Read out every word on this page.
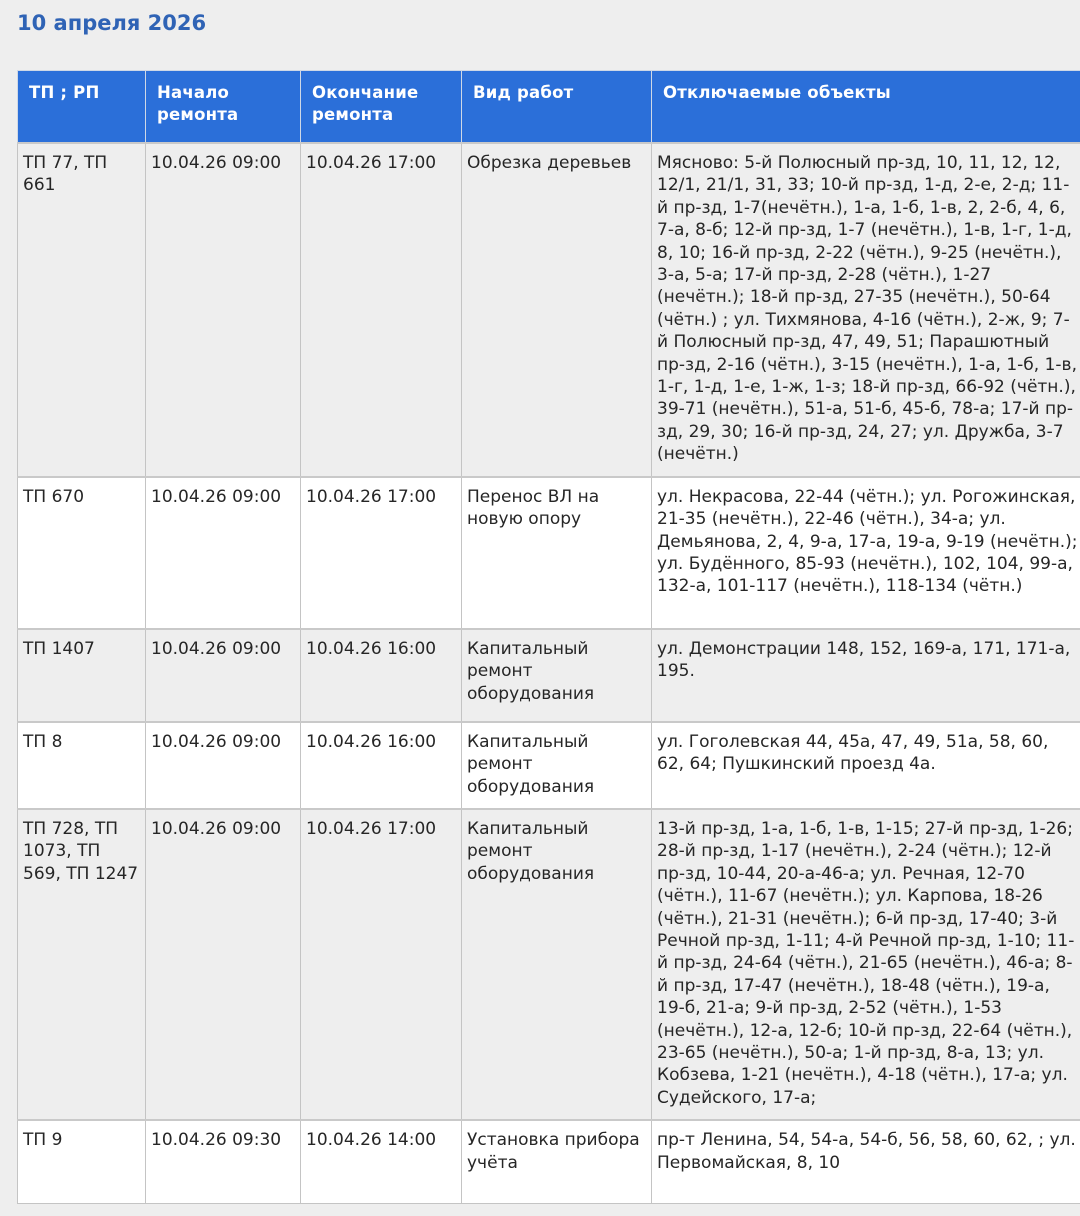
10 апреля 2026
ТП ; РП	Начало ремонта	Окончание ремонта	Вид работ	Отключаемые объекты
ТП 77, ТП 661	10.04.26 09:00	10.04.26 17:00	Обрезка деревьев	Мясново: 5-й Полюсный пр-зд, 10, 11, 12, 12, 12/1, 21/1, 31, 33; 10-й пр-зд, 1-д, 2-е, 2-д; 11-й пр-зд, 1-7(нечётн.), 1-а, 1-б, 1-в, 2, 2-б, 4, 6, 7-а, 8-б; 12-й пр-зд, 1-7 (нечётн.), 1-в, 1-г, 1-д, 8, 10; 16-й пр-зд, 2-22 (чётн.), 9-25 (нечётн.), 3-а, 5-а; 17-й пр-зд, 2-28 (чётн.), 1-27 (нечётн.); 18-й пр-зд, 27-35 (нечётн.), 50-64 (чётн.) ; ул. Тихмянова, 4-16 (чётн.), 2-ж, 9; 7-й Полюсный пр-зд, 47, 49, 51; Парашютный пр-зд, 2-16 (чётн.), 3-15 (нечётн.), 1-а, 1-б, 1-в, 1-г, 1-д, 1-е, 1-ж, 1-з; 18-й пр-зд, 66-92 (чётн.), 39-71 (нечётн.), 51-а, 51-б, 45-б, 78-а; 17-й пр-зд, 29, 30; 16-й пр-зд, 24, 27; ул. Дружба, 3-7 (нечётн.)
ТП 670	10.04.26 09:00	10.04.26 17:00	Перенос ВЛ на новую опору	ул. Некрасова, 22-44 (чётн.); ул. Рогожинская, 21-35 (нечётн.), 22-46 (чётн.), 34-а; ул. Демьянова, 2, 4, 9-а, 17-а, 19-а, 9-19 (нечётн.); ул. Будённого, 85-93 (нечётн.), 102, 104, 99-а, 132-а, 101-117 (нечётн.), 118-134 (чётн.)
ТП 1407	10.04.26 09:00	10.04.26 16:00	Капитальный ремонт оборудования	ул. Демонстрации 148, 152, 169-а, 171, 171-а, 195.
ТП 8	10.04.26 09:00	10.04.26 16:00	Капитальный ремонт оборудования	ул. Гоголевская 44, 45а, 47, 49, 51а, 58, 60, 62, 64; Пушкинский проезд 4а.
ТП 728, ТП 1073, ТП 569, ТП 1247	10.04.26 09:00	10.04.26 17:00	Капитальный ремонт оборудования	13-й пр-зд, 1-а, 1-б, 1-в, 1-15; 27-й пр-зд, 1-26; 28-й пр-зд, 1-17 (нечётн.), 2-24 (чётн.); 12-й пр-зд, 10-44, 20-а-46-а; ул. Речная, 12-70 (чётн.), 11-67 (нечётн.); ул. Карпова, 18-26 (чётн.), 21-31 (нечётн.); 6-й пр-зд, 17-40; 3-й Речной пр-зд, 1-11; 4-й Речной пр-зд, 1-10; 11-й пр-зд, 24-64 (чётн.), 21-65 (нечётн.), 46-а; 8-й пр-зд, 17-47 (нечётн.), 18-48 (чётн.), 19-а, 19-б, 21-а; 9-й пр-зд, 2-52 (чётн.), 1-53 (нечётн.), 12-а, 12-б; 10-й пр-зд, 22-64 (чётн.), 23-65 (нечётн.), 50-а; 1-й пр-зд, 8-а, 13; ул. Кобзева, 1-21 (нечётн.), 4-18 (чётн.), 17-а; ул. Судейского, 17-а;
ТП 9	10.04.26 09:30	10.04.26 14:00	Установка прибора учёта	пр-т Ленина, 54, 54-а, 54-б, 56, 58, 60, 62, ; ул. Первомайская, 8, 10
